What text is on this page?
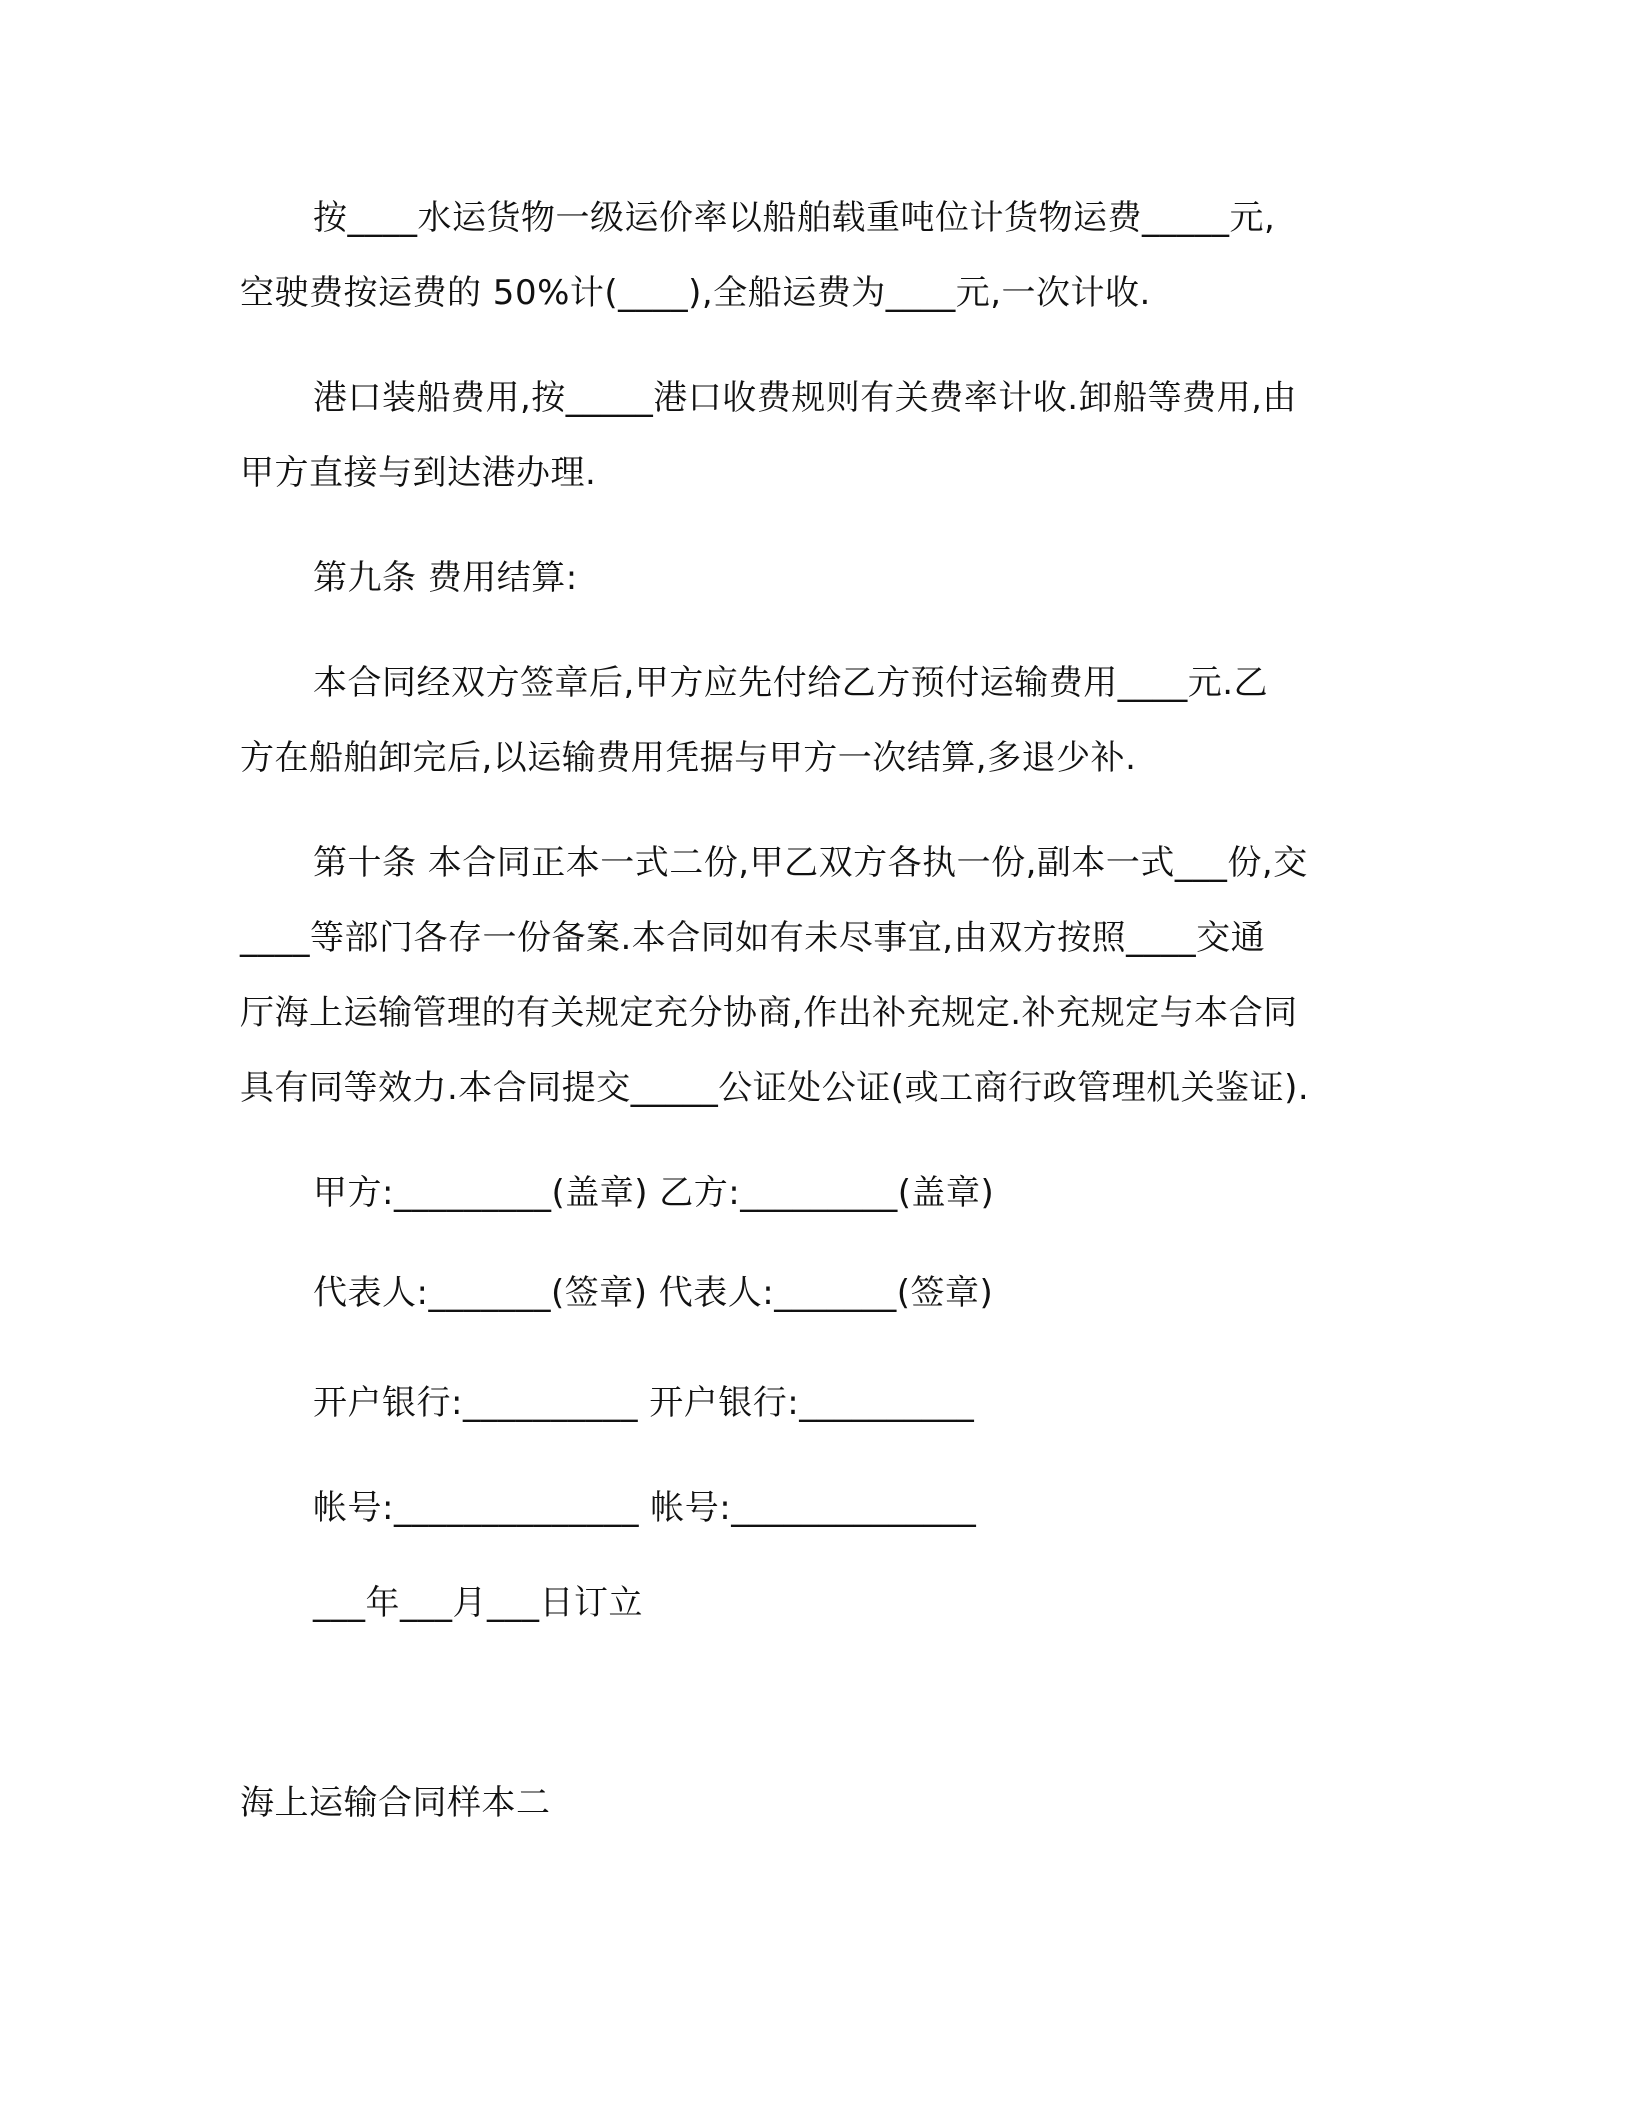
按____水运货物一级运价率以船舶载重吨位计货物运费_____元,
空驶费按运费的 50%计(____),全船运费为____元,一次计收.
港口装船费用,按_____港口收费规则有关费率计收.卸船等费用,由
甲方直接与到达港办理.
第九条 费用结算:
本合同经双方签章后,甲方应先付给乙方预付运输费用____元.乙
方在船舶卸完后,以运输费用凭据与甲方一次结算,多退少补.
第十条 本合同正本一式二份,甲乙双方各执一份,副本一式___份,交
____等部门各存一份备案.本合同如有未尽事宜,由双方按照____交通
厅海上运输管理的有关规定充分协商,作出补充规定.补充规定与本合同
具有同等效力.本合同提交_____公证处公证(或工商行政管理机关鉴证).
甲方:_________(盖章) 乙方:_________(盖章)
代表人:_______(签章) 代表人:_______(签章)
开户银行:__________ 开户银行:__________
帐号:______________ 帐号:______________
___年___月___日订立
海上运输合同样本二
